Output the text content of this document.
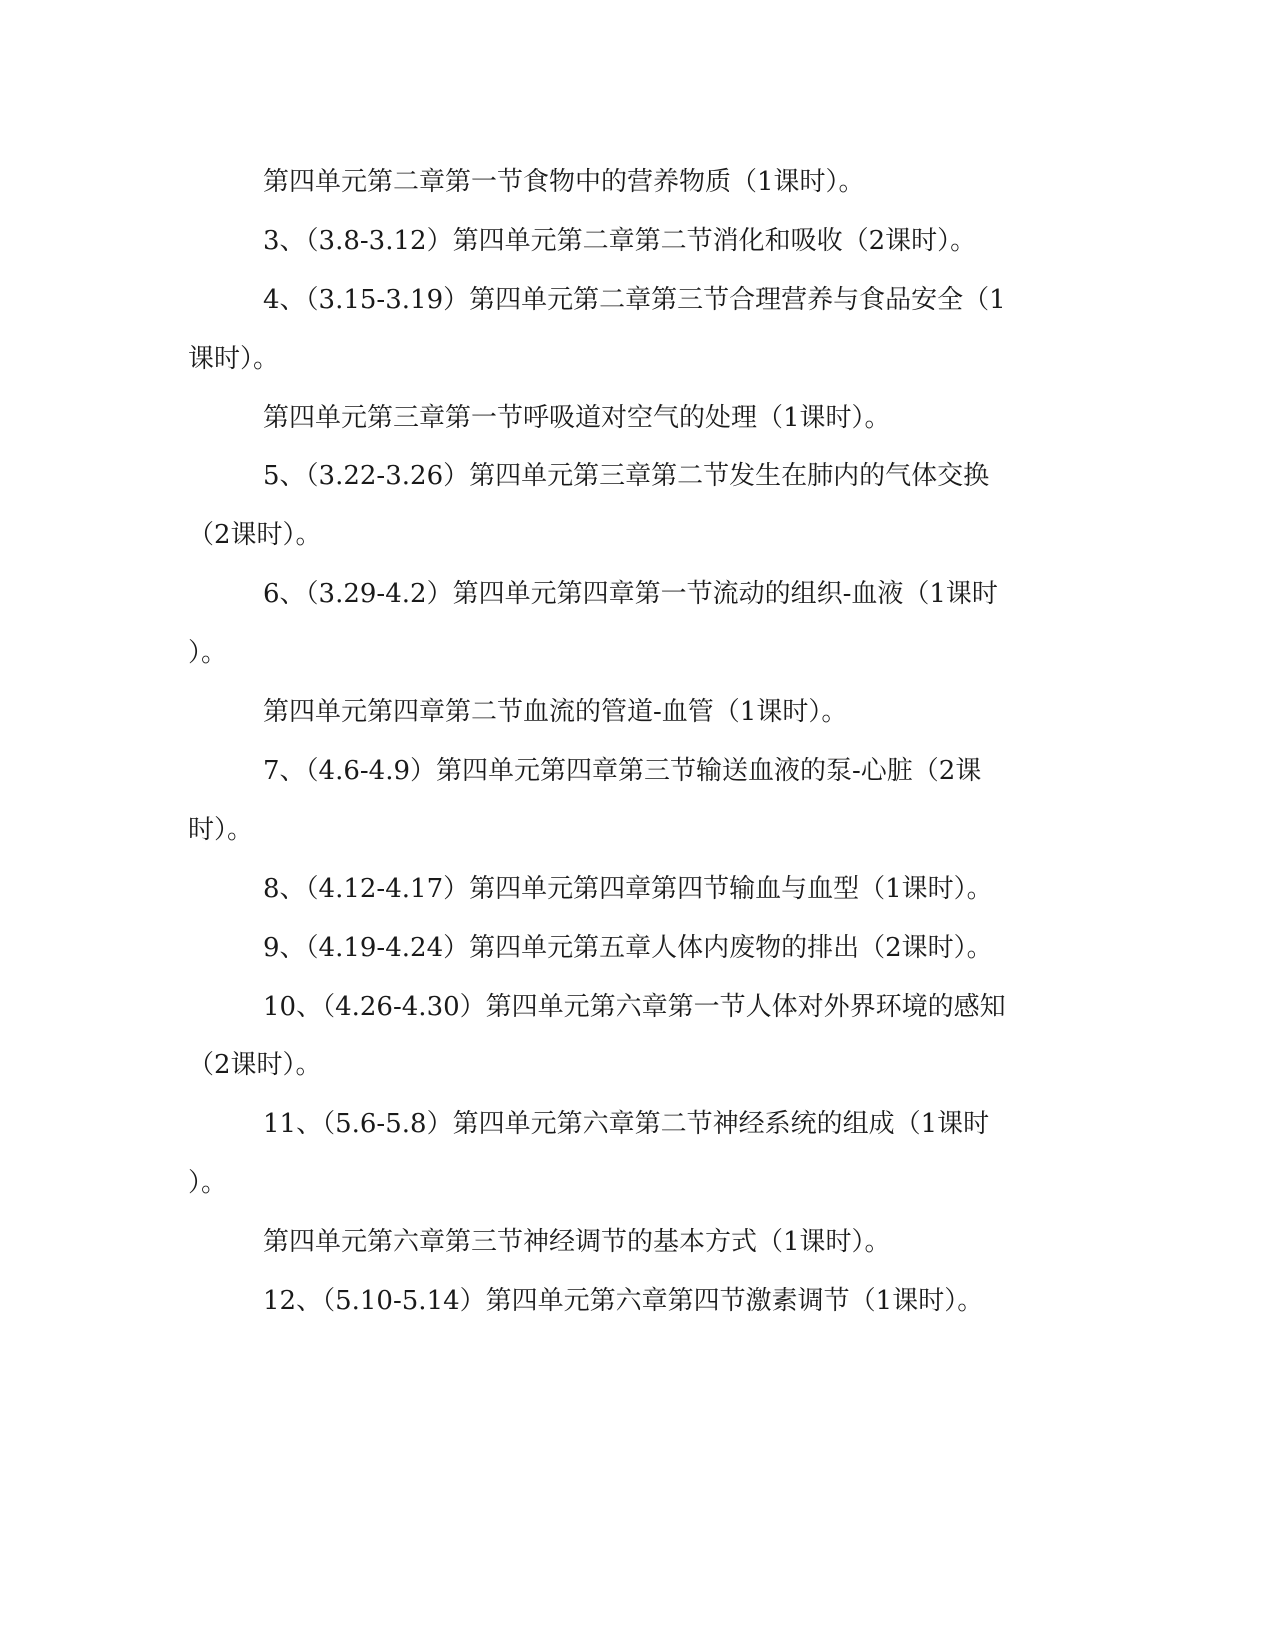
第四单元第二章第一节食物中的营养物质（1课时）。
3、（3.8-3.12）第四单元第二章第二节消化和吸收（2课时）。
4、（3.15-3.19）第四单元第二章第三节合理营养与食品安全（1
课时）。
第四单元第三章第一节呼吸道对空气的处理（1课时）。
5、（3.22-3.26）第四单元第三章第二节发生在肺内的气体交换
（2课时）。
6、（3.29-4.2）第四单元第四章第一节流动的组织-血液（1课时
）。
第四单元第四章第二节血流的管道-血管（1课时）。
7、（4.6-4.9）第四单元第四章第三节输送血液的泵-心脏（2课
时）。
8、（4.12-4.17）第四单元第四章第四节输血与血型（1课时）。
9、（4.19-4.24）第四单元第五章人体内废物的排出（2课时）。
10、（4.26-4.30）第四单元第六章第一节人体对外界环境的感知
（2课时）。
11、（5.6-5.8）第四单元第六章第二节神经系统的组成（1课时
）。
第四单元第六章第三节神经调节的基本方式（1课时）。
12、（5.10-5.14）第四单元第六章第四节激素调节（1课时）。
